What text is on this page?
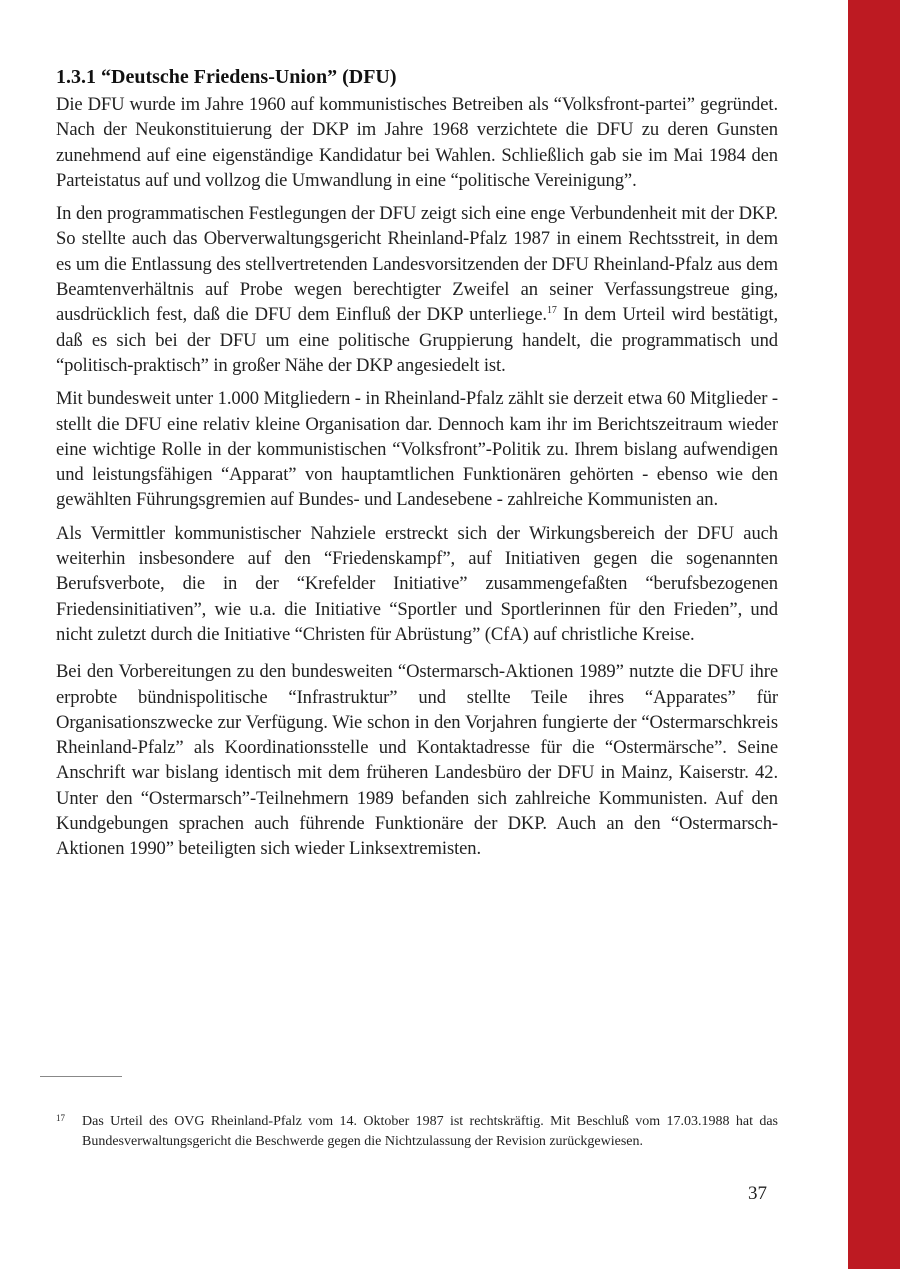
1.3.1 “Deutsche Friedens-Union” (DFU)

Die DFU wurde im Jahre 1960 auf kommunistisches Betreiben als “Volksfront-partei” gegründet. Nach der Neukonstituierung der DKP im Jahre 1968 verzichtete die DFU zu deren Gunsten zunehmend auf eine eigenständige Kandidatur bei Wahlen. Schließlich gab sie im Mai 1984 den Parteistatus auf und vollzog die Umwandlung in eine “politische Vereinigung”.

In den programmatischen Festlegungen der DFU zeigt sich eine enge Verbundenheit mit der DKP. So stellte auch das Oberverwaltungsgericht Rheinland-Pfalz 1987 in einem Rechtsstreit, in dem es um die Entlassung des stellvertretenden Landesvorsitzenden der DFU Rheinland-Pfalz aus dem Beamtenverhältnis auf Probe wegen berechtigter Zweifel an seiner Verfassungstreue ging, ausdrücklich fest, daß die DFU dem Einfluß der DKP unterliege.$^{17}$ In dem Urteil wird bestätigt, daß es sich bei der DFU um eine politische Gruppierung handelt, die programmatisch und “politisch-praktisch” in großer Nähe der DKP angesiedelt ist.

Mit bundesweit unter 1.000 Mitgliedern - in Rheinland-Pfalz zählt sie derzeit etwa 60 Mitglieder - stellt die DFU eine relativ kleine Organisation dar. Dennoch kam ihr im Berichtszeitraum wieder eine wichtige Rolle in der kommunistischen “Volksfront”-Politik zu. Ihrem bislang aufwendigen und leistungsfähigen “Apparat” von hauptamtlichen Funktionären gehörten - ebenso wie den gewählten Führungsgremien auf Bundes- und Landesebene - zahlreiche Kommunisten an.

Als Vermittler kommunistischer Nahziele erstreckt sich der Wirkungsbereich der DFU auch weiterhin insbesondere auf den “Friedenskampf”, auf Initiativen gegen die sogenannten Berufsverbote, die in der “Krefelder Initiative” zusammengefaßten “berufsbezogenen Friedensinitiativen”, wie u.a. die Initiative “Sportler und Sportlerinnen für den Frieden”, und nicht zuletzt durch die Initiative “Christen für Abrüstung” (CfA) auf christliche Kreise.

Bei den Vorbereitungen zu den bundesweiten “Ostermarsch-Aktionen 1989” nutzte die DFU ihre erprobte bündnispolitische “Infrastruktur” und stellte Teile ihres “Apparates” für Organisationszwecke zur Verfügung. Wie schon in den Vorjahren fungierte der “Ostermarschkreis Rheinland-Pfalz” als Koordinationsstelle und Kontaktadresse für die “Ostermärsche”. Seine Anschrift war bislang identisch mit dem früheren Landesbüro der DFU in Mainz, Kaiserstr. 42. Unter den “Ostermarsch”-Teilnehmern 1989 befanden sich zahlreiche Kommunisten. Auf den Kundgebungen sprachen auch führende Funktionäre der DKP. Auch an den “Ostermarsch-Aktionen 1990” beteiligten sich wieder Linksextremisten.

17 Das Urteil des OVG Rheinland-Pfalz vom 14. Oktober 1987 ist rechtskräftig. Mit Beschluß vom 17.03.1988 hat das Bundesverwaltungsgericht die Beschwerde gegen die Nichtzulassung der Revision zurückgewiesen.
37
